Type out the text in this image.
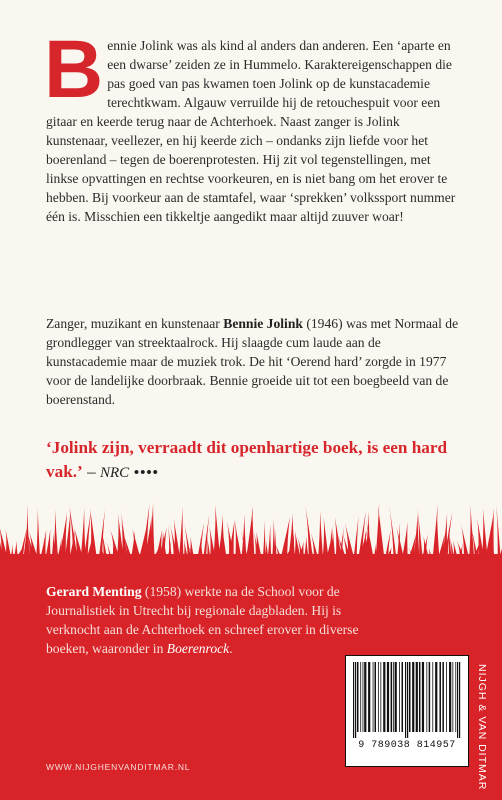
Bennie Jolink was als kind al anders dan anderen. Een ‘aparte en een dwarse’ zeiden ze in Hummelo. Karaktereigenschappen die pas goed van pas kwamen toen Jolink op de kunstacademie terechtkwam. Algauw verruilde hij de retouchespuit voor een gitaar en keerde terug naar de Achterhoek. Naast zanger is Jolink kunstenaar, veellezer, en hij keerde zich – ondanks zijn liefde voor het boerenland – tegen de boerenprotesten. Hij zit vol tegenstellingen, met linkse opvattingen en rechtse voorkeuren, en is niet bang om het erover te hebben. Bij voorkeur aan de stamtafel, waar ‘sprekken’ volkssport nummer één is. Misschien een tikkeltje aangedikt maar altijd zuuver woar!
Zanger, muzikant en kunstenaar Bennie Jolink (1946) was met Normaal de grondlegger van streektaalrock. Hij slaagde cum laude aan de kunstacademie maar de muziek trok. De hit ‘Oerend hard’ zorgde in 1977 voor de landelijke doorbraak. Bennie groeide uit tot een boegbeeld van de boerenstand.
‘Jolink zijn, verraadt dit openhartige boek, is een hard vak.’ – NRC ••••
Gerard Menting (1958) werkte na de School voor de Journalistiek in Utrecht bij regionale dagbladen. Hij is verknocht aan de Achterhoek en schreef erover in diverse boeken, waaronder in Boerenrock.
9 789038 814957	NIJGH & VAN DITMAR
WWW.NIJGHENVANDITMAR.NL
